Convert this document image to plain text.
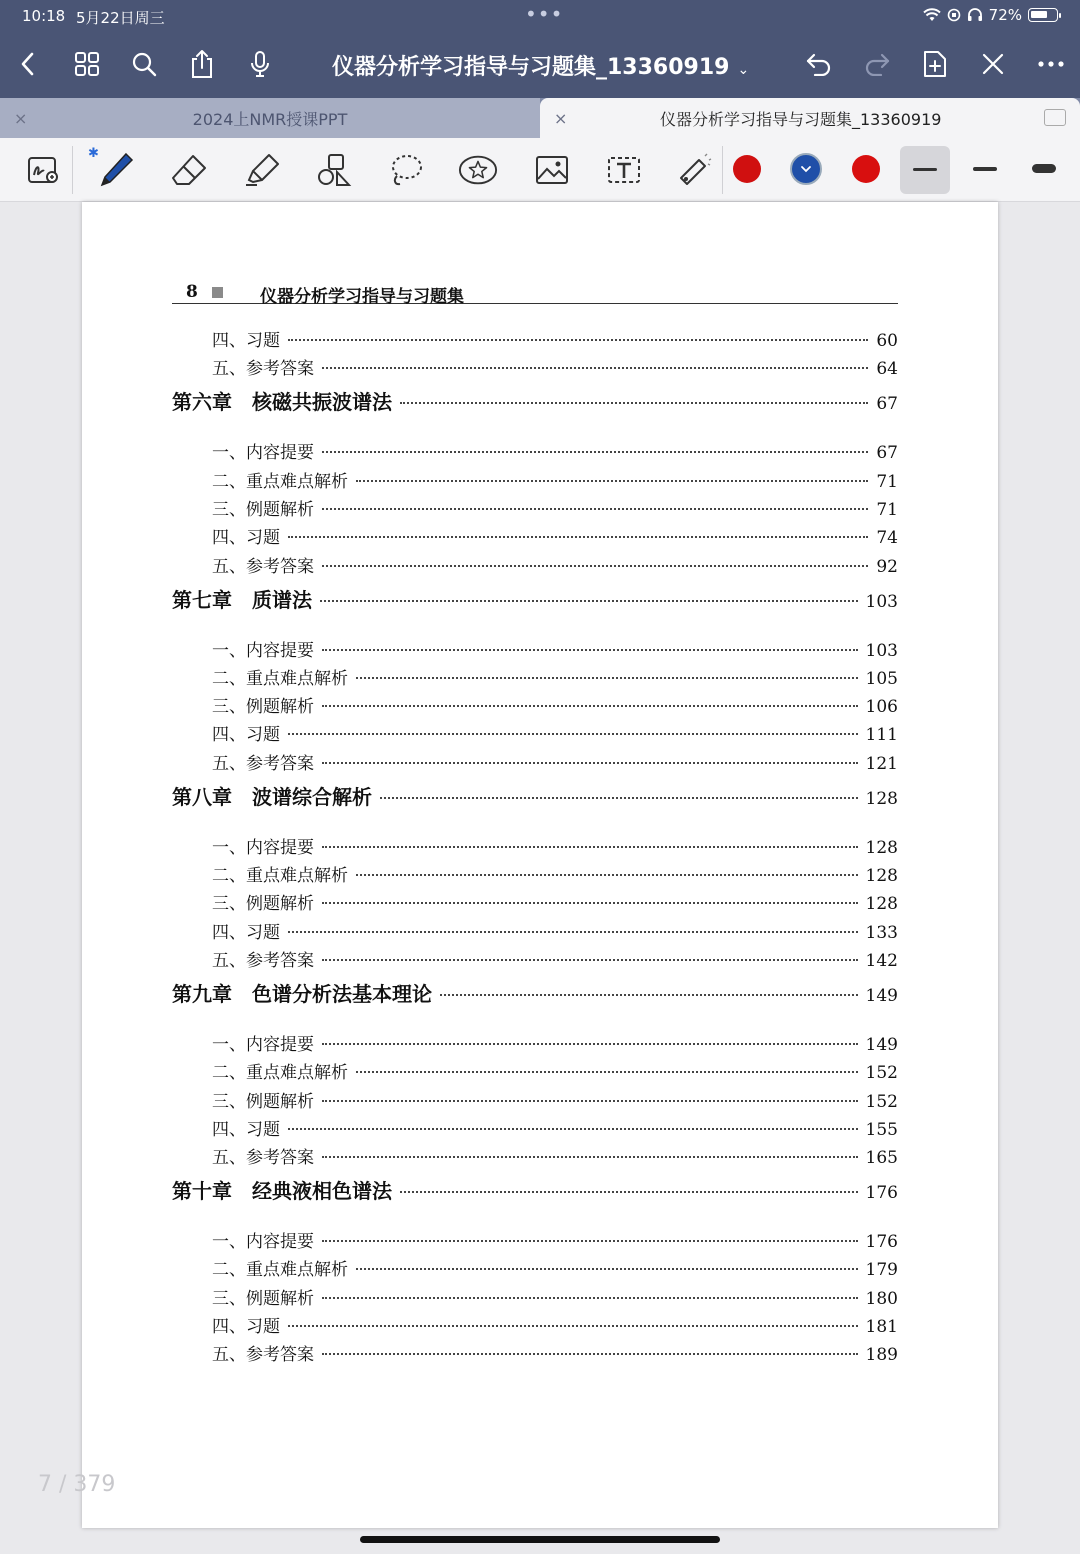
10:18 5月22日周三	•••	72%
仪器分析学习指导与习题集_13360919 ⌄
×	2024上NMR授课PPT	×	仪器分析学习指导与习题集_13360919
✱
8	仪器分析学习指导与习题集
四、习题	60
五、参考答案	64
第六章 核磁共振波谱法	67
一、内容提要	67
二、重点难点解析	71
三、例题解析	71
四、习题	74
五、参考答案	92
第七章 质谱法	103
一、内容提要	103
二、重点难点解析	105
三、例题解析	106
四、习题	111
五、参考答案	121
第八章 波谱综合解析	128
一、内容提要	128
二、重点难点解析	128
三、例题解析	128
四、习题	133
五、参考答案	142
第九章 色谱分析法基本理论	149
一、内容提要	149
二、重点难点解析	152
三、例题解析	152
四、习题	155
五、参考答案	165
第十章 经典液相色谱法	176
一、内容提要	176
二、重点难点解析	179
三、例题解析	180
四、习题	181
五、参考答案	189
7 / 379
